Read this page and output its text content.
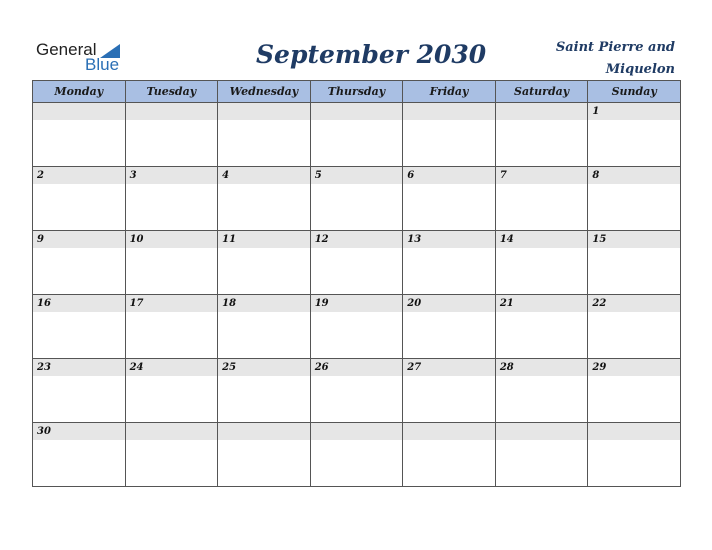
General
Blue	September 2030	Saint Pierre and Miquelon
Monday	Tuesday	Wednesday	Thursday	Friday	Saturday	Sunday

						1

2	3	4	5	6	7	8

9	10	11	12	13	14	15

16	17	18	19	20	21	22

23	24	25	26	27	28	29

30						
